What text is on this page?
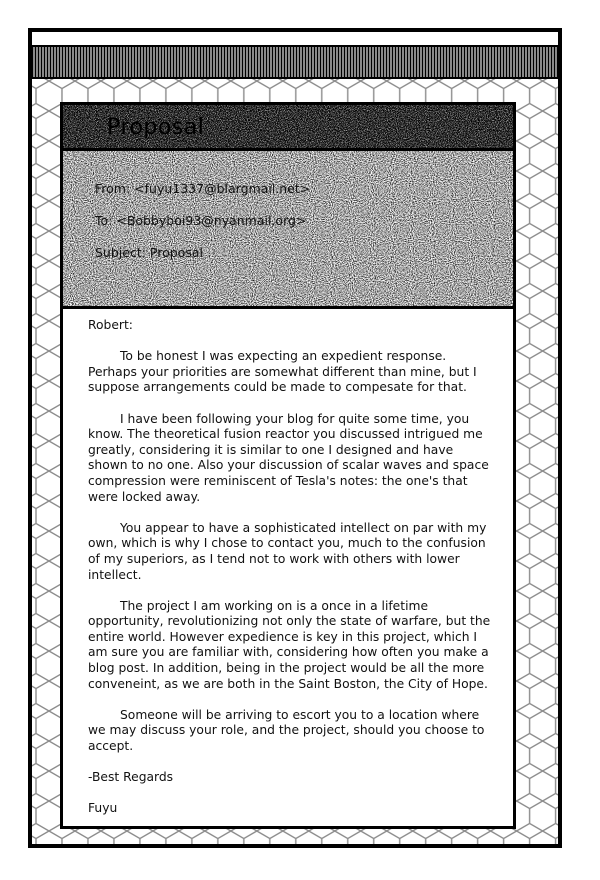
Proposal
From: <fuyu1337@blargmail.net>
To: <Bobbyboi93@nyanmail.org>
Subject: Proposal

Robert:

To be honest I was expecting an expedient response. Perhaps your priorities are somewhat different than mine, but I suppose arrangements could be made to compesate for that.

I have been following your blog for quite some time, you know. The theoretical fusion reactor you discussed intrigued me greatly, considering it is similar to one I designed and have shown to no one. Also your discussion of scalar waves and space compression were reminiscent of Tesla's notes: the one's that were locked away.

You appear to have a sophisticated intellect on par with my own, which is why I chose to contact you, much to the confusion of my superiors, as I tend not to work with others with lower intellect.

The project I am working on is a once in a lifetime opportunity, revolutionizing not only the state of warfare, but the entire world. However expedience is key in this project, which I am sure you are familiar with, considering how often you make a blog post. In addition, being in the project would be all the more conveneint, as we are both in the Saint Boston, the City of Hope.

Someone will be arriving to escort you to a location where we may discuss your role, and the project, should you choose to accept.

-Best Regards

Fuyu
